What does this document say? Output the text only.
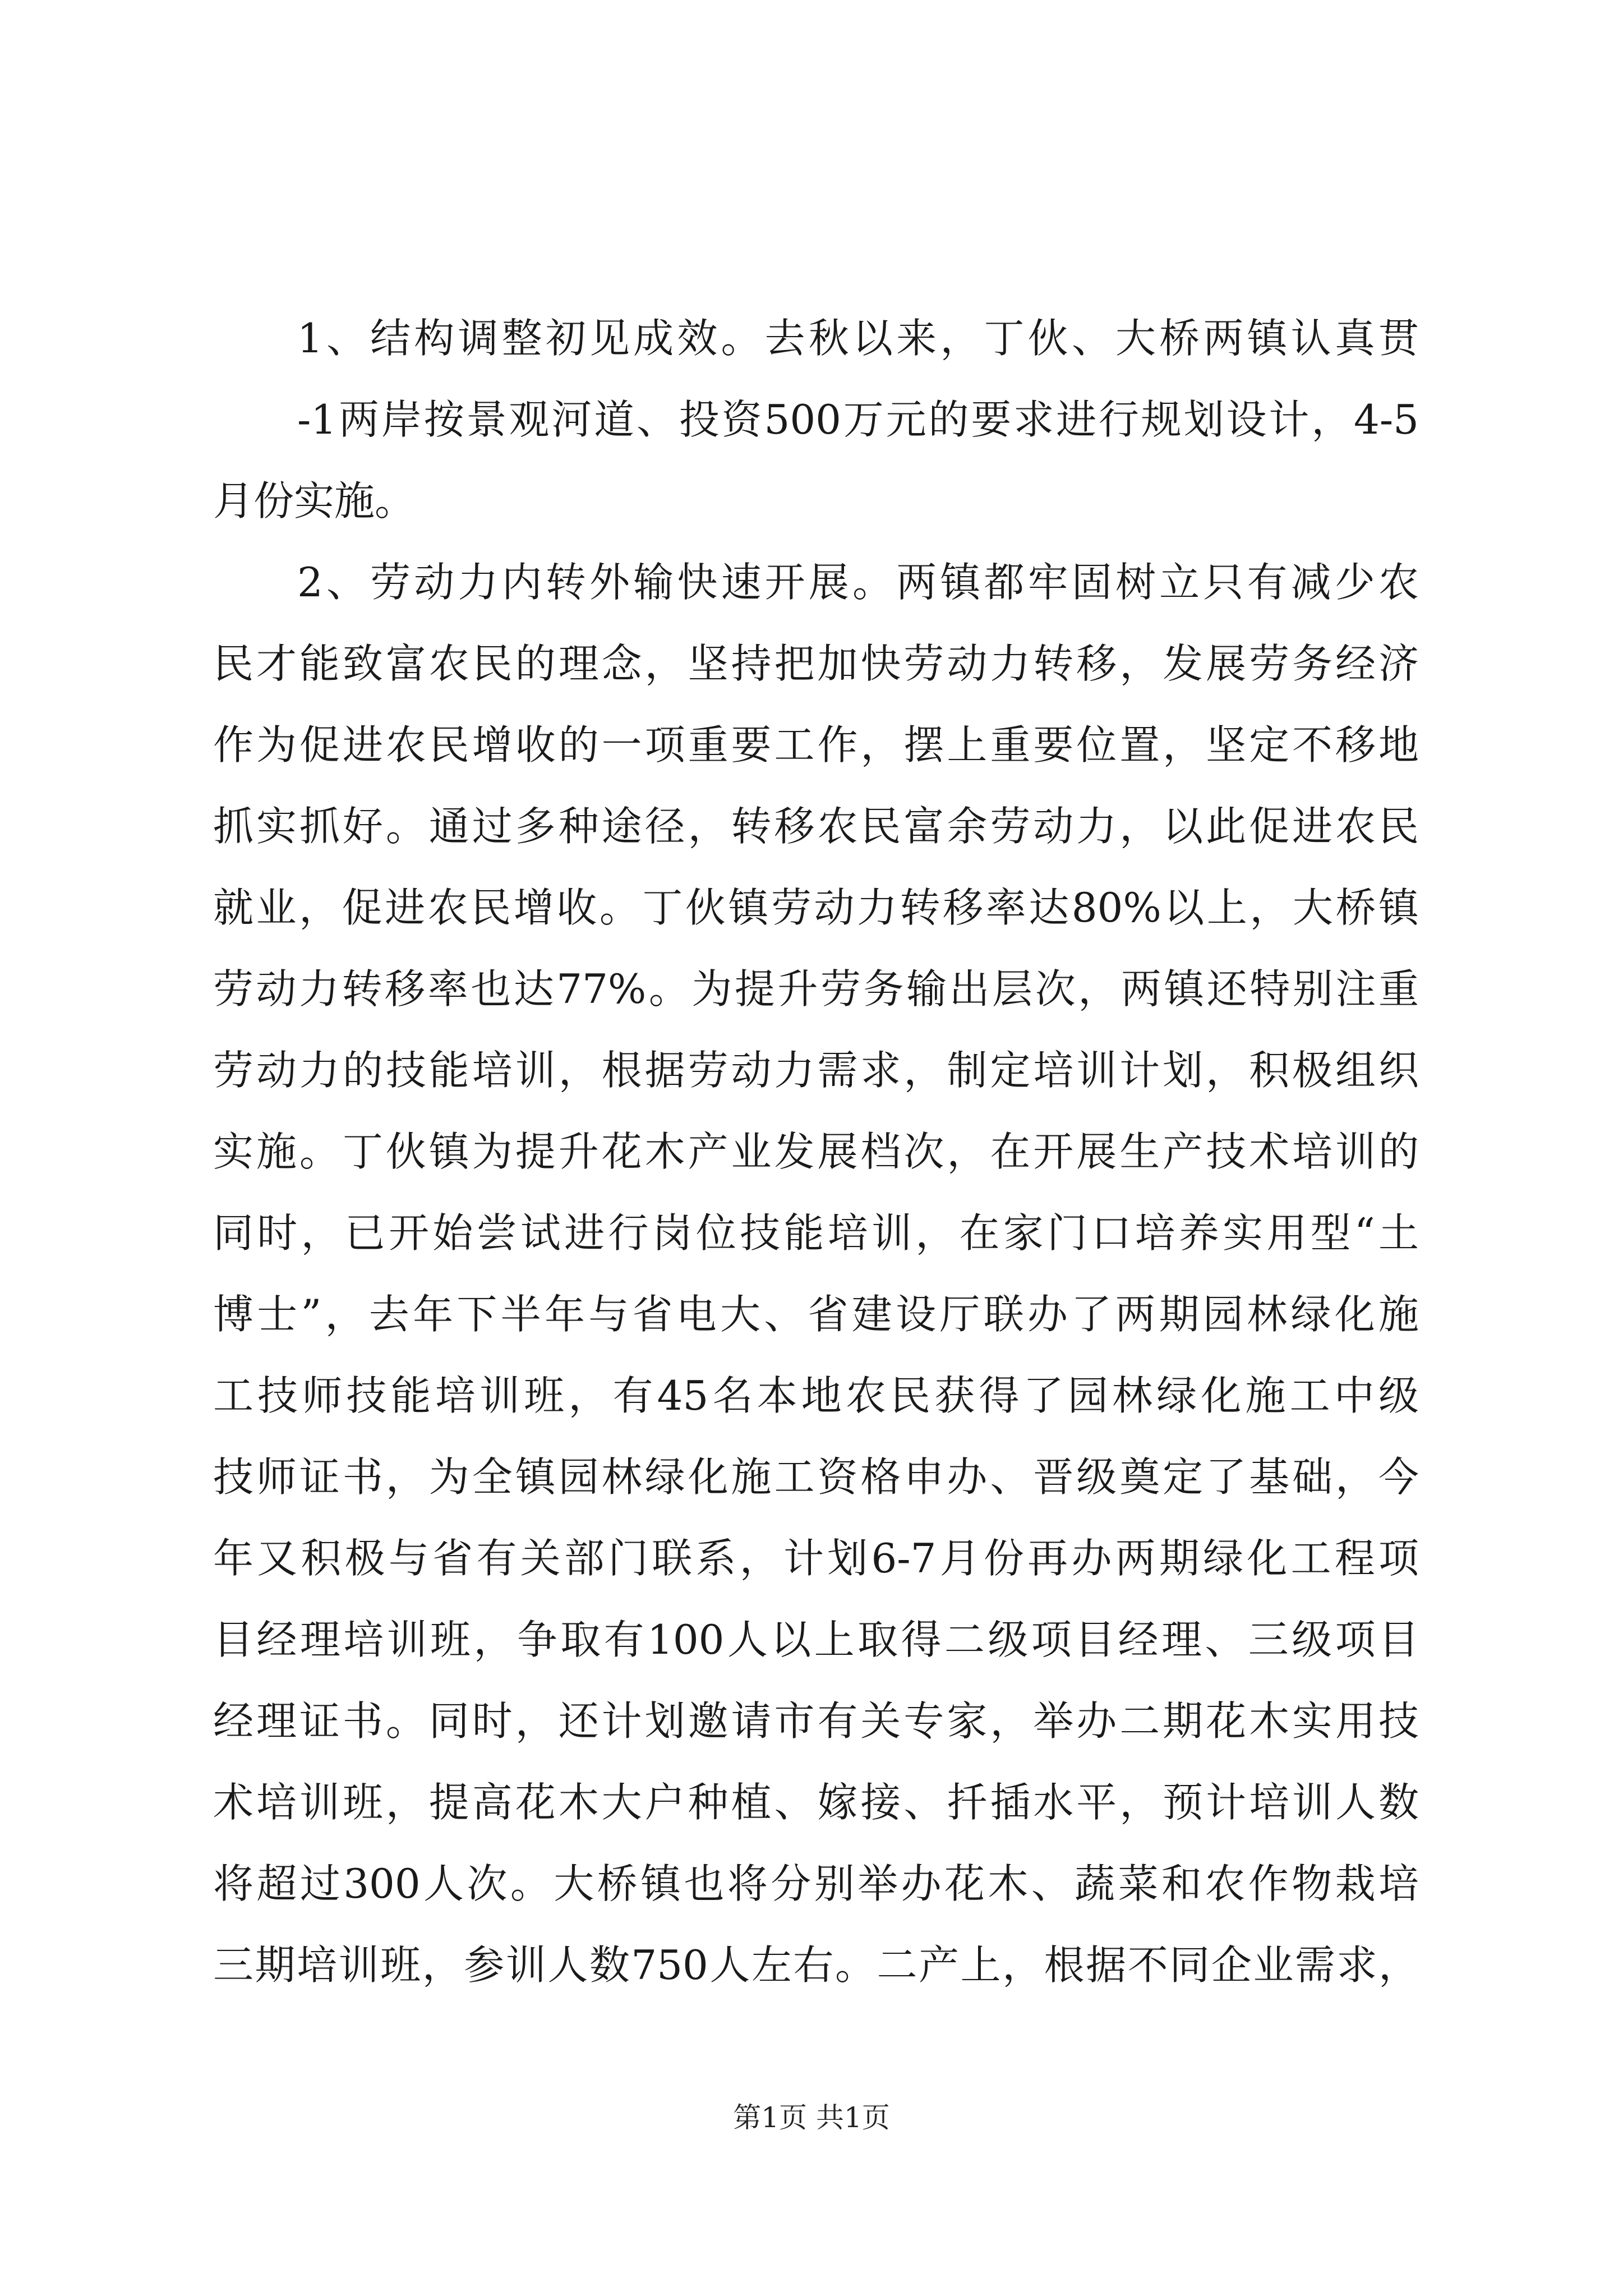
1、结构调整初见成效。去秋以来，丁伙、大桥两镇认真贯
-1两岸按景观河道、投资500万元的要求进行规划设计，4-5
月份实施。
2、劳动力内转外输快速开展。两镇都牢固树立只有减少农
民才能致富农民的理念，坚持把加快劳动力转移，发展劳务经济
作为促进农民增收的一项重要工作，摆上重要位置，坚定不移地
抓实抓好。通过多种途径，转移农民富余劳动力，以此促进农民
就业，促进农民增收。丁伙镇劳动力转移率达80%以上，大桥镇
劳动力转移率也达77%。为提升劳务输出层次，两镇还特别注重
劳动力的技能培训，根据劳动力需求，制定培训计划，积极组织
实施。丁伙镇为提升花木产业发展档次，在开展生产技术培训的
同时，已开始尝试进行岗位技能培训，在家门口培养实用型“土
博士”，去年下半年与省电大、省建设厅联办了两期园林绿化施
工技师技能培训班，有45名本地农民获得了园林绿化施工中级
技师证书，为全镇园林绿化施工资格申办、晋级奠定了基础，今
年又积极与省有关部门联系，计划6-7月份再办两期绿化工程项
目经理培训班，争取有100人以上取得二级项目经理、三级项目
经理证书。同时，还计划邀请市有关专家，举办二期花木实用技
术培训班，提高花木大户种植、嫁接、扦插水平，预计培训人数
将超过300人次。大桥镇也将分别举办花木、蔬菜和农作物栽培
三期培训班，参训人数750人左右。二产上，根据不同企业需求，
第1页 共1页
